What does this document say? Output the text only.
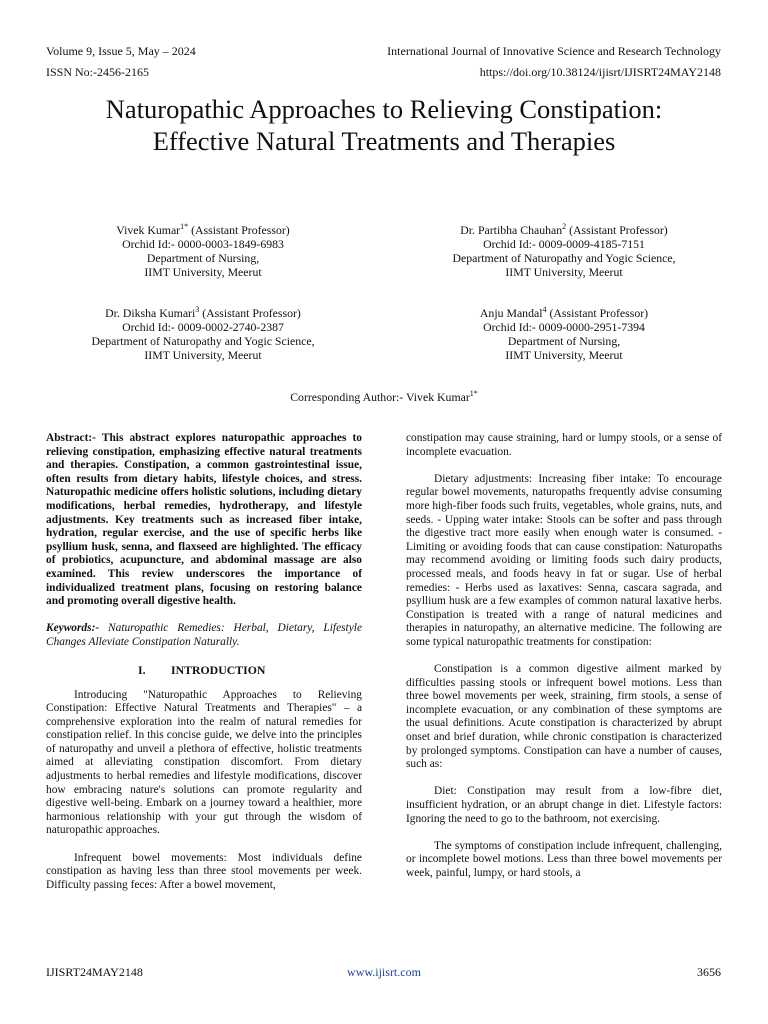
Volume 9, Issue 5, May – 2024	International Journal of Innovative Science and Research Technology
ISSN No:-2456-2165	https://doi.org/10.38124/ijisrt/IJISRT24MAY2148
Naturopathic Approaches to Relieving Constipation: Effective Natural Treatments and Therapies
Vivek Kumar$^{1*}$ (Assistant Professor)
Orchid Id:- 0000-0003-1849-6983
Department of Nursing,
IIMT University, Meerut
Dr. Partibha Chauhan$^2$ (Assistant Professor)
Orchid Id:- 0009-0009-4185-7151
Department of Naturopathy and Yogic Science,
IIMT University, Meerut
Dr. Diksha Kumari$^3$ (Assistant Professor)
Orchid Id:- 0009-0002-2740-2387
Department of Naturopathy and Yogic Science,
IIMT University, Meerut
Anju Mandal$^4$ (Assistant Professor)
Orchid Id:- 0009-0000-2951-7394
Department of Nursing,
IIMT University, Meerut
Corresponding Author:- Vivek Kumar$^{1*}$

Abstract:- This abstract explores naturopathic approaches to relieving constipation, emphasizing effective natural treatments and therapies. Constipation, a common gastrointestinal issue, often results from dietary habits, lifestyle choices, and stress. Naturopathic medicine offers holistic solutions, including dietary modifications, herbal remedies, hydrotherapy, and lifestyle adjustments. Key treatments such as increased fiber intake, hydration, regular exercise, and the use of specific herbs like psyllium husk, senna, and flaxseed are highlighted. The efficacy of probiotics, acupuncture, and abdominal massage are also examined. This review underscores the importance of individualized treatment plans, focusing on restoring balance and promoting overall digestive health.

Keywords:- Naturopathic Remedies: Herbal, Dietary, Lifestyle Changes Alleviate Constipation Naturally.

I. INTRODUCTION

Introducing "Naturopathic Approaches to Relieving Constipation: Effective Natural Treatments and Therapies" – a comprehensive exploration into the realm of natural remedies for constipation relief. In this concise guide, we delve into the principles of naturopathy and unveil a plethora of effective, holistic treatments aimed at alleviating constipation discomfort. From dietary adjustments to herbal remedies and lifestyle modifications, discover how embracing nature's solutions can promote regularity and digestive well-being. Embark on a journey toward a healthier, more harmonious relationship with your gut through the wisdom of naturopathic approaches.

Infrequent bowel movements: Most individuals define constipation as having less than three stool movements per week. Difficulty passing feces: After a bowel movement,

constipation may cause straining, hard or lumpy stools, or a sense of incomplete evacuation.

Dietary adjustments: Increasing fiber intake: To encourage regular bowel movements, naturopaths frequently advise consuming more high-fiber foods such fruits, vegetables, whole grains, nuts, and seeds. - Upping water intake: Stools can be softer and pass through the digestive tract more easily when enough water is consumed. - Limiting or avoiding foods that can cause constipation: Naturopaths may recommend avoiding or limiting foods such dairy products, processed meals, and foods heavy in fat or sugar. Use of herbal remedies: - Herbs used as laxatives: Senna, cascara sagrada, and psyllium husk are a few examples of common natural laxative herbs. Constipation is treated with a range of natural medicines and therapies in naturopathy, an alternative medicine. The following are some typical naturopathic treatments for constipation:

Constipation is a common digestive ailment marked by difficulties passing stools or infrequent bowel motions. Less than three bowel movements per week, straining, firm stools, a sense of incomplete evacuation, or any combination of these symptoms are the usual definitions. Acute constipation is characterized by abrupt onset and brief duration, while chronic constipation is characterized by prolonged symptoms. Constipation can have a number of causes, such as:

Diet: Constipation may result from a low-fibre diet, insufficient hydration, or an abrupt change in diet. Lifestyle factors: Ignoring the need to go to the bathroom, not exercising.

The symptoms of constipation include infrequent, challenging, or incomplete bowel motions. Less than three bowel movements per week, painful, lumpy, or hard stools, a

IJISRT24MAY2148	www.ijisrt.com	3656
